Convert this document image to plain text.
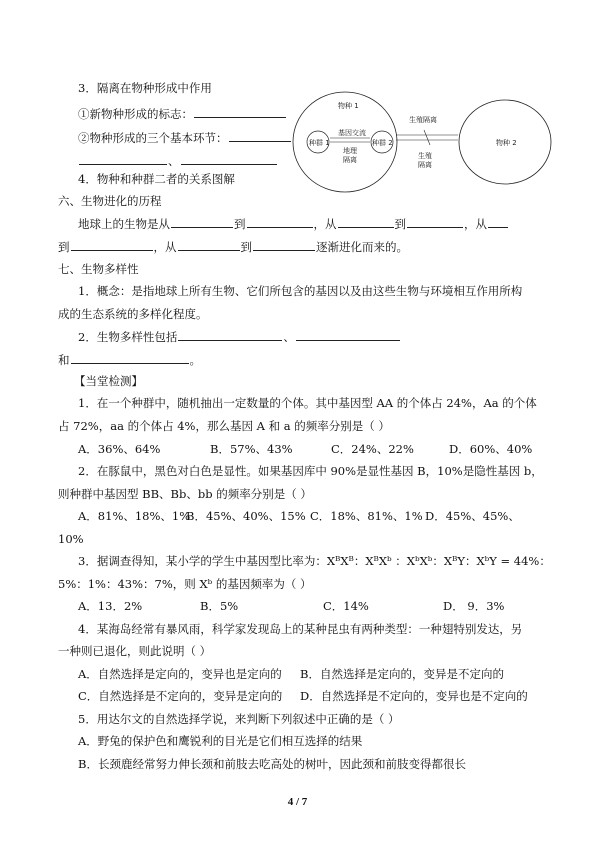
3．隔离在物种形成中作用
①新物种形成的标志：
②物种形成的三个基本环节：
、
4．物种和种群二者的关系图解
物种 1
种群 1	种群 2
基因交流
地理
隔离
物种 2
生殖隔离
生殖
隔离
六、生物进化的历程
地球上的生物是从	到	，从	到	，从
到	，从	到	逐渐进化而来的。
七、生物多样性
1．概念：是指地球上所有生物、它们所包含的基因以及由这些生物与环境相互作用所构
成的生态系统的多样化程度。
2．生物多样性包括	、
和	。
【当堂检测】
1．在一个种群中，随机抽出一定数量的个体。其中基因型 AA 的个体占 24%，Aa 的个体
占 72%，aa 的个体占 4%，那么基因 A 和 a 的频率分别是（ ）
A．36%、64%	B．57%、43%	C．24%、22%	D．60%、40%
2．在豚鼠中，黑色对白色是显性。如果基因库中 90%是显性基因 B，10%是隐性基因 b，
则种群中基因型 BB、Bb、bb 的频率分别是（ ）
A．81%、18%、1%
B．45%、40%、15% C．18%、81%、1% D．45%、45%、
10%
3．据调查得知，某小学的学生中基因型比率为：XᴮXᴮ：XᴮXᵇ ：XᵇXᵇ：XᴮY：XᵇY = 44%：
5%：1%：43%：7%，则 Xᵇ 的基因频率为（ ）
A．13．2%	B．5%	C．14%	D． 9．3%
4．某海岛经常有暴风雨，科学家发现岛上的某种昆虫有两种类型：一种翅特别发达，另
一种则已退化，则此说明（ ）
A．自然选择是定向的，变异也是定向的 B．自然选择是定向的，变异是不定向的
C．自然选择是不定向的，变异是定向的 D．自然选择是不定向的，变异也是不定向的
5．用达尔文的自然选择学说，来判断下列叙述中正确的是（ ）
A．野兔的保护色和鹰锐利的目光是它们相互选择的结果
B．长颈鹿经常努力伸长颈和前肢去吃高处的树叶，因此颈和前肢变得都很长
4 / 7
